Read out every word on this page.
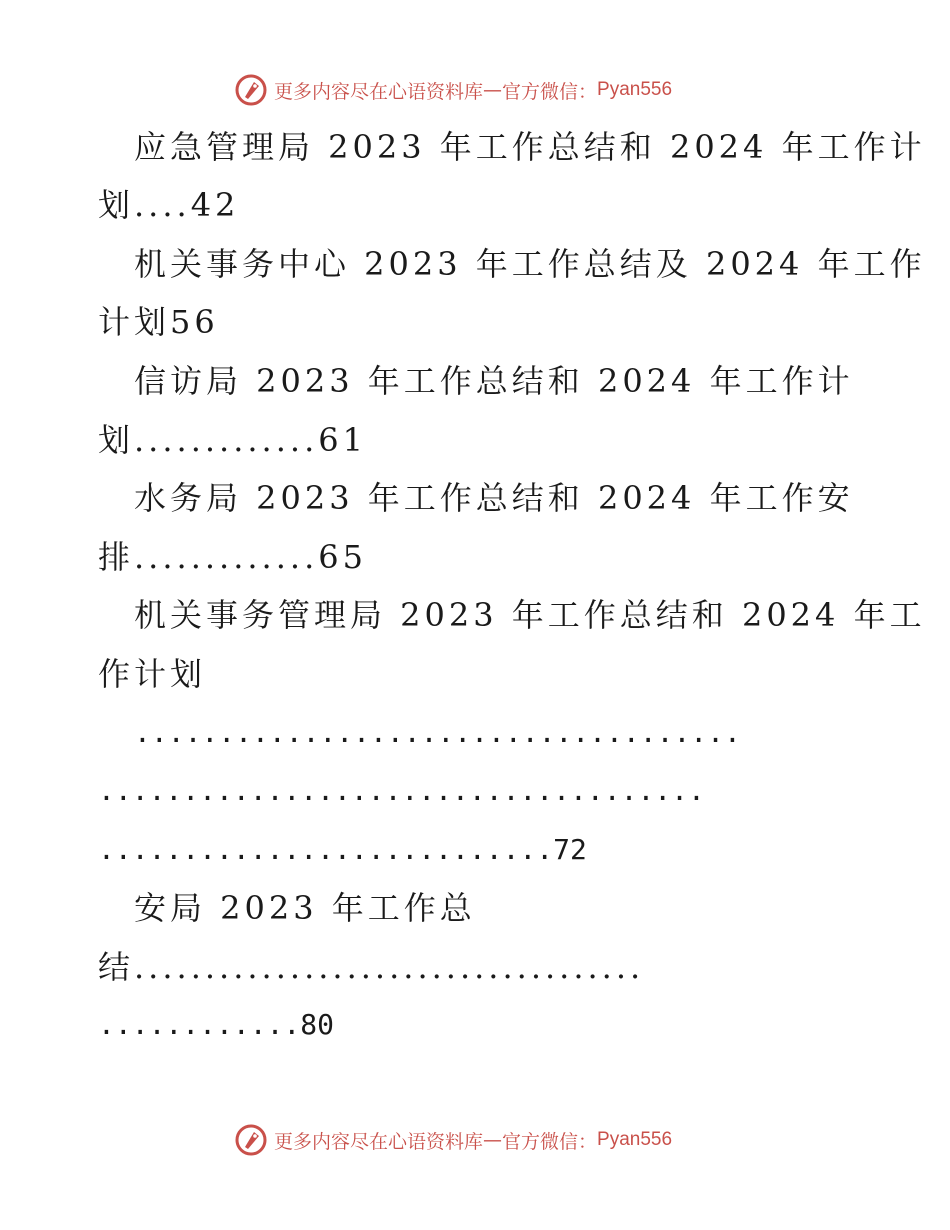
更多内容尽在心语资料库 — 官方微信： Pyan556
应急管理局 2023 年工作总结和 2024 年工作计
划....42
机关事务中心 2023 年工作总结及 2024 年工作
计划56
信访局 2023 年工作总结和 2024 年工作计
划.............61
水务局 2023 年工作总结和 2024 年工作安
排.............65
机关事务管理局 2023 年工作总结和 2024 年工
作计划
....................................
....................................
...........................72
安局 2023 年工作总
结....................................
............80
更多内容尽在心语资料库 — 官方微信： Pyan556
